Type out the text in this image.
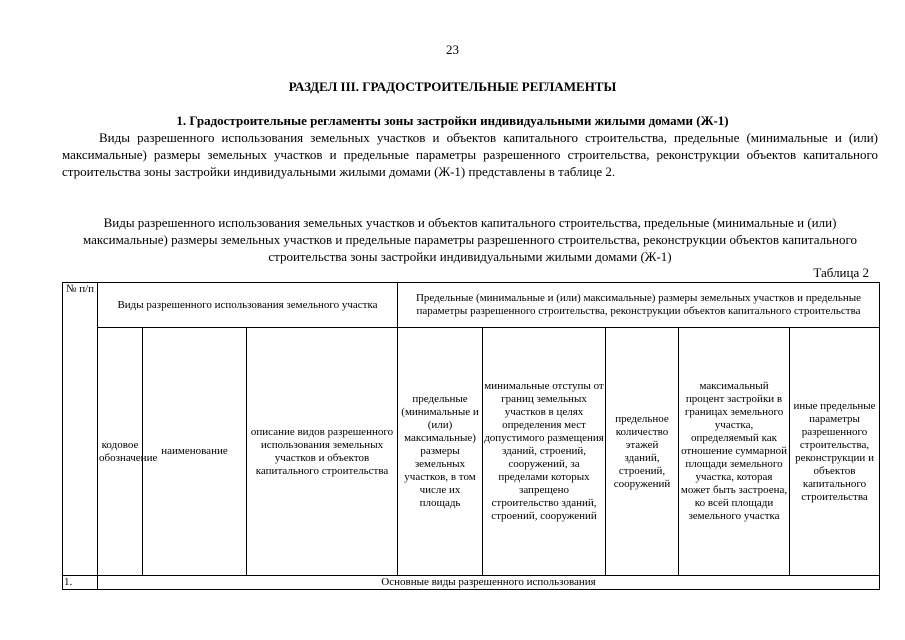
23
РАЗДЕЛ III. ГРАДОСТРОИТЕЛЬНЫЕ РЕГЛАМЕНТЫ
1. Градостроительные регламенты зоны застройки индивидуальными жилыми домами (Ж-1)

Виды разрешенного использования земельных участков и объектов капитального строительства, предельные (минимальные и (или) максимальные) размеры земельных участков и предельные параметры разрешенного строительства, реконструкции объектов капитального строительства зоны застройки индивидуальными жилыми домами (Ж-1) представлены в таблице 2.

Виды разрешенного использования земельных участков и объектов капитального строительства, предельные (минимальные и (или) максимальные) размеры земельных участков и предельные параметры разрешенного строительства, реконструкции объектов капитального строительства зоны застройки индивидуальными жилыми домами (Ж-1)

Таблица 2
№ п/п	Виды разрешенного использования земельного участка			Предельные (минимальные и (или) максимальные) размеры земельных участков и предельные параметры разрешенного строительства, реконструкции объектов капитального строительства				
	кодовое обозначение	наименование	описание видов разрешенного использования земельных участков и объектов капитального строительства	предельные (минимальные и (или) максимальные) размеры земельных участков, в том числе их площадь	минимальные отступы от границ земельных участков в целях определения мест допустимого размещения зданий, строений, сооружений, за пределами которых запрещено строительство зданий, строений, сооружений	предельное количество этажей зданий, строений, сооружений	максимальный процент застройки в границах земельного участка, определяемый как отношение суммарной площади земельного участка, которая может быть застроена, ко всей площади земельного участка	иные предельные параметры разрешенного строительства, реконструкции и объектов капитального строительства
1.	Основные виды разрешенного использования							
